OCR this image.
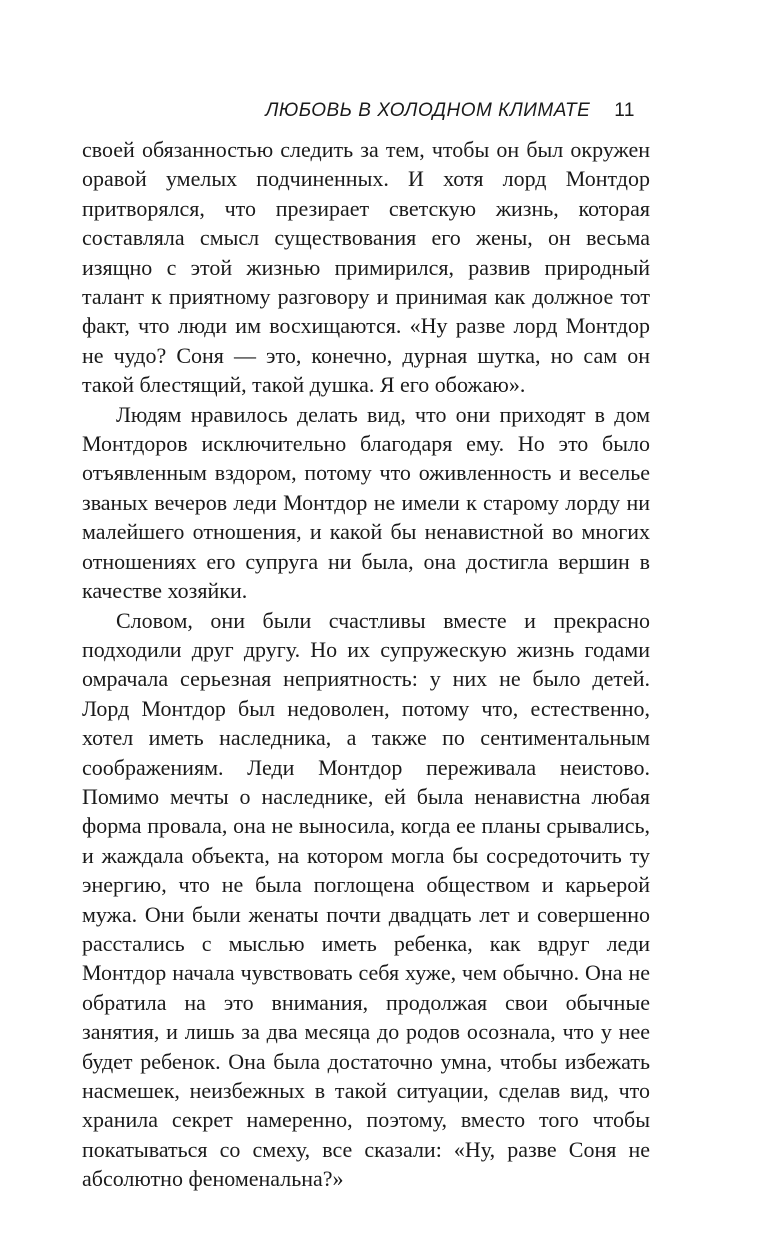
ЛЮБОВЬ В ХОЛОДНОМ КЛИМАТЕ 11

своей обязанностью следить за тем, чтобы он был окружен оравой умелых подчиненных. И хотя лорд Монтдор притворялся, что презирает светскую жизнь, которая составляла смысл существования его жены, он весьма изящно с этой жизнью примирился, развив природный талант к приятному разговору и принимая как должное тот факт, что люди им восхищаются. «Ну разве лорд Монтдор не чудо? Соня — это, конечно, дурная шутка, но сам он такой блестящий, такой душка. Я его обожаю».

Людям нравилось делать вид, что они приходят в дом Монтдоров исключительно благодаря ему. Но это было отъявленным вздором, потому что оживленность и веселье званых вечеров леди Монтдор не имели к старому лорду ни малейшего отношения, и какой бы ненавистной во многих отношениях его супруга ни была, она достигла вершин в качестве хозяйки.

Словом, они были счастливы вместе и прекрасно подходили друг другу. Но их супружескую жизнь годами омрачала серьезная неприятность: у них не было детей. Лорд Монтдор был недоволен, потому что, естественно, хотел иметь наследника, а также по сентиментальным соображениям. Леди Монтдор переживала неистово. Помимо мечты о наследнике, ей была ненавистна любая форма провала, она не выносила, когда ее планы срывались, и жаждала объекта, на котором могла бы сосредоточить ту энергию, что не была поглощена обществом и карьерой мужа. Они были женаты почти двадцать лет и совершенно расстались с мыслью иметь ребенка, как вдруг леди Монтдор начала чувствовать себя хуже, чем обычно. Она не обратила на это внимания, продолжая свои обычные занятия, и лишь за два месяца до родов осознала, что у нее будет ребенок. Она была достаточно умна, чтобы избежать насмешек, неизбежных в такой ситуации, сделав вид, что хранила секрет намеренно, поэтому, вместо того чтобы покатываться со смеху, все сказали: «Ну, разве Соня не абсолютно феноменальна?»
